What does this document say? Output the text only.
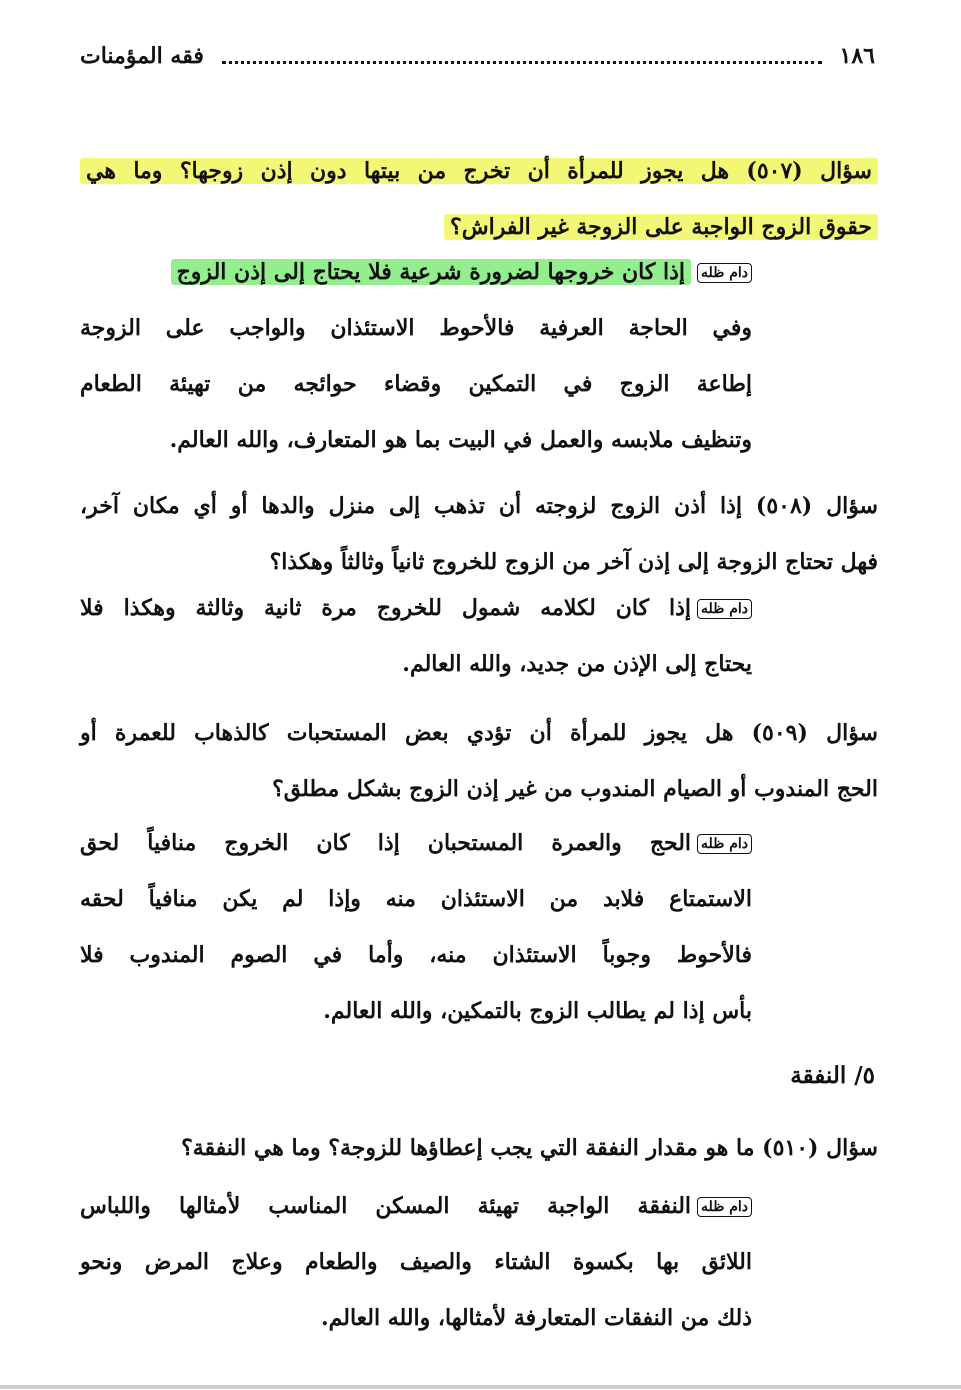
١٨٦
فقه المؤمنات
سؤال (٥٠٧) هل يجوز للمرأة أن تخرج من بيتها دون إذن زوجها؟ وما هي
حقوق الزوج الواجبة على الزوجة غير الفراش؟
دام ظلهإذا كان خروجها لضرورة شرعية فلا يحتاج إلى إذن الزوج
وفي الحاجة العرفية فالأحوط الاستئذان والواجب على الزوجة
إطاعة الزوج في التمكين وقضاء حوائجه من تهيئة الطعام
وتنظيف ملابسه والعمل في البيت بما هو المتعارف، والله العالم.
سؤال (٥٠٨) إذا أذن الزوج لزوجته أن تذهب إلى منزل والدها أو أي مكان آخر،
فهل تحتاج الزوجة إلى إذن آخر من الزوج للخروج ثانياً وثالثاً وهكذا؟
دام ظلهإذا كان لكلامه شمول للخروج مرة ثانية وثالثة وهكذا فلا
يحتاج إلى الإذن من جديد، والله العالم.
سؤال (٥٠٩) هل يجوز للمرأة أن تؤدي بعض المستحبات كالذهاب للعمرة أو
الحج المندوب أو الصيام المندوب من غير إذن الزوج بشكل مطلق؟
دام ظلهالحج والعمرة المستحبان إذا كان الخروج منافياً لحق
الاستمتاع فلابد من الاستئذان منه وإذا لم يكن منافياً لحقه
فالأحوط وجوباً الاستئذان منه، وأما في الصوم المندوب فلا
بأس إذا لم يطالب الزوج بالتمكين، والله العالم.
٥/ النفقة
سؤال (٥١٠) ما هو مقدار النفقة التي يجب إعطاؤها للزوجة؟ وما هي النفقة؟
دام ظلهالنفقة الواجبة تهيئة المسكن المناسب لأمثالها واللباس
اللائق بها بكسوة الشتاء والصيف والطعام وعلاج المرض ونحو
ذلك من النفقات المتعارفة لأمثالها، والله العالم.
